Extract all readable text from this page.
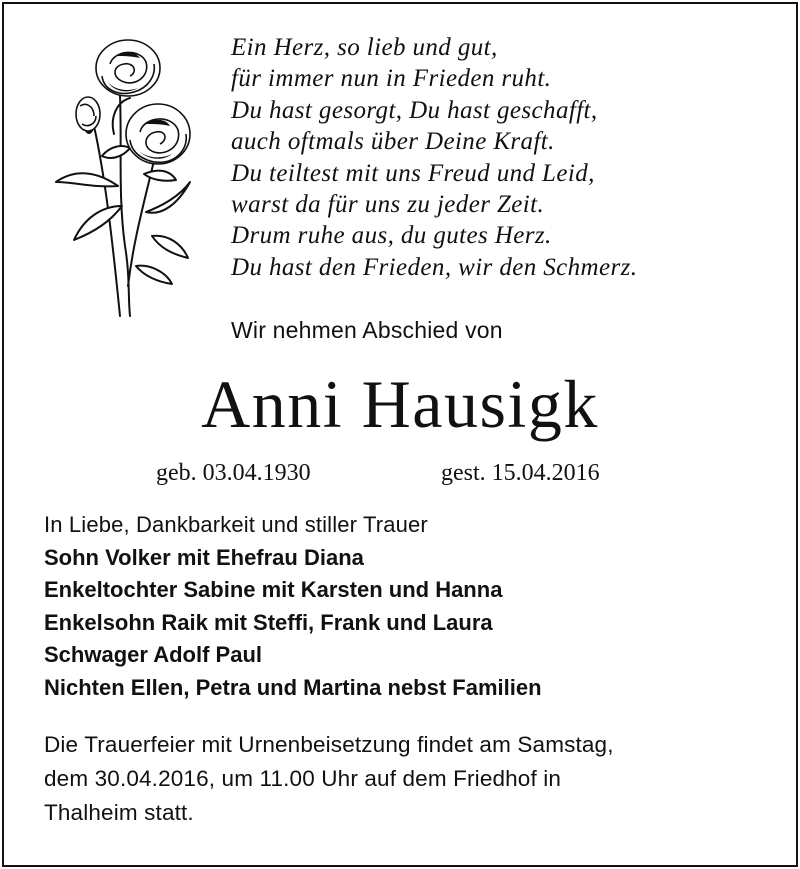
Ein Herz, so lieb und gut,
für immer nun in Frieden ruht.
Du hast gesorgt, Du hast geschafft,
auch oftmals über Deine Kraft.
Du teiltest mit uns Freud und Leid,
warst da für uns zu jeder Zeit.
Drum ruhe aus, du gutes Herz.
Du hast den Frieden, wir den Schmerz.
Wir nehmen Abschied von
Anni Hausigk
geb. 03.04.1930	gest. 15.04.2016
In Liebe, Dankbarkeit und stiller Trauer
Sohn Volker mit Ehefrau Diana
Enkeltochter Sabine mit Karsten und Hanna
Enkelsohn Raik mit Steffi, Frank und Laura
Schwager Adolf Paul
Nichten Ellen, Petra und Martina nebst Familien
Die Trauerfeier mit Urnenbeisetzung findet am Samstag,
dem 30.04.2016, um 11.00 Uhr auf dem Friedhof in
Thalheim statt.
